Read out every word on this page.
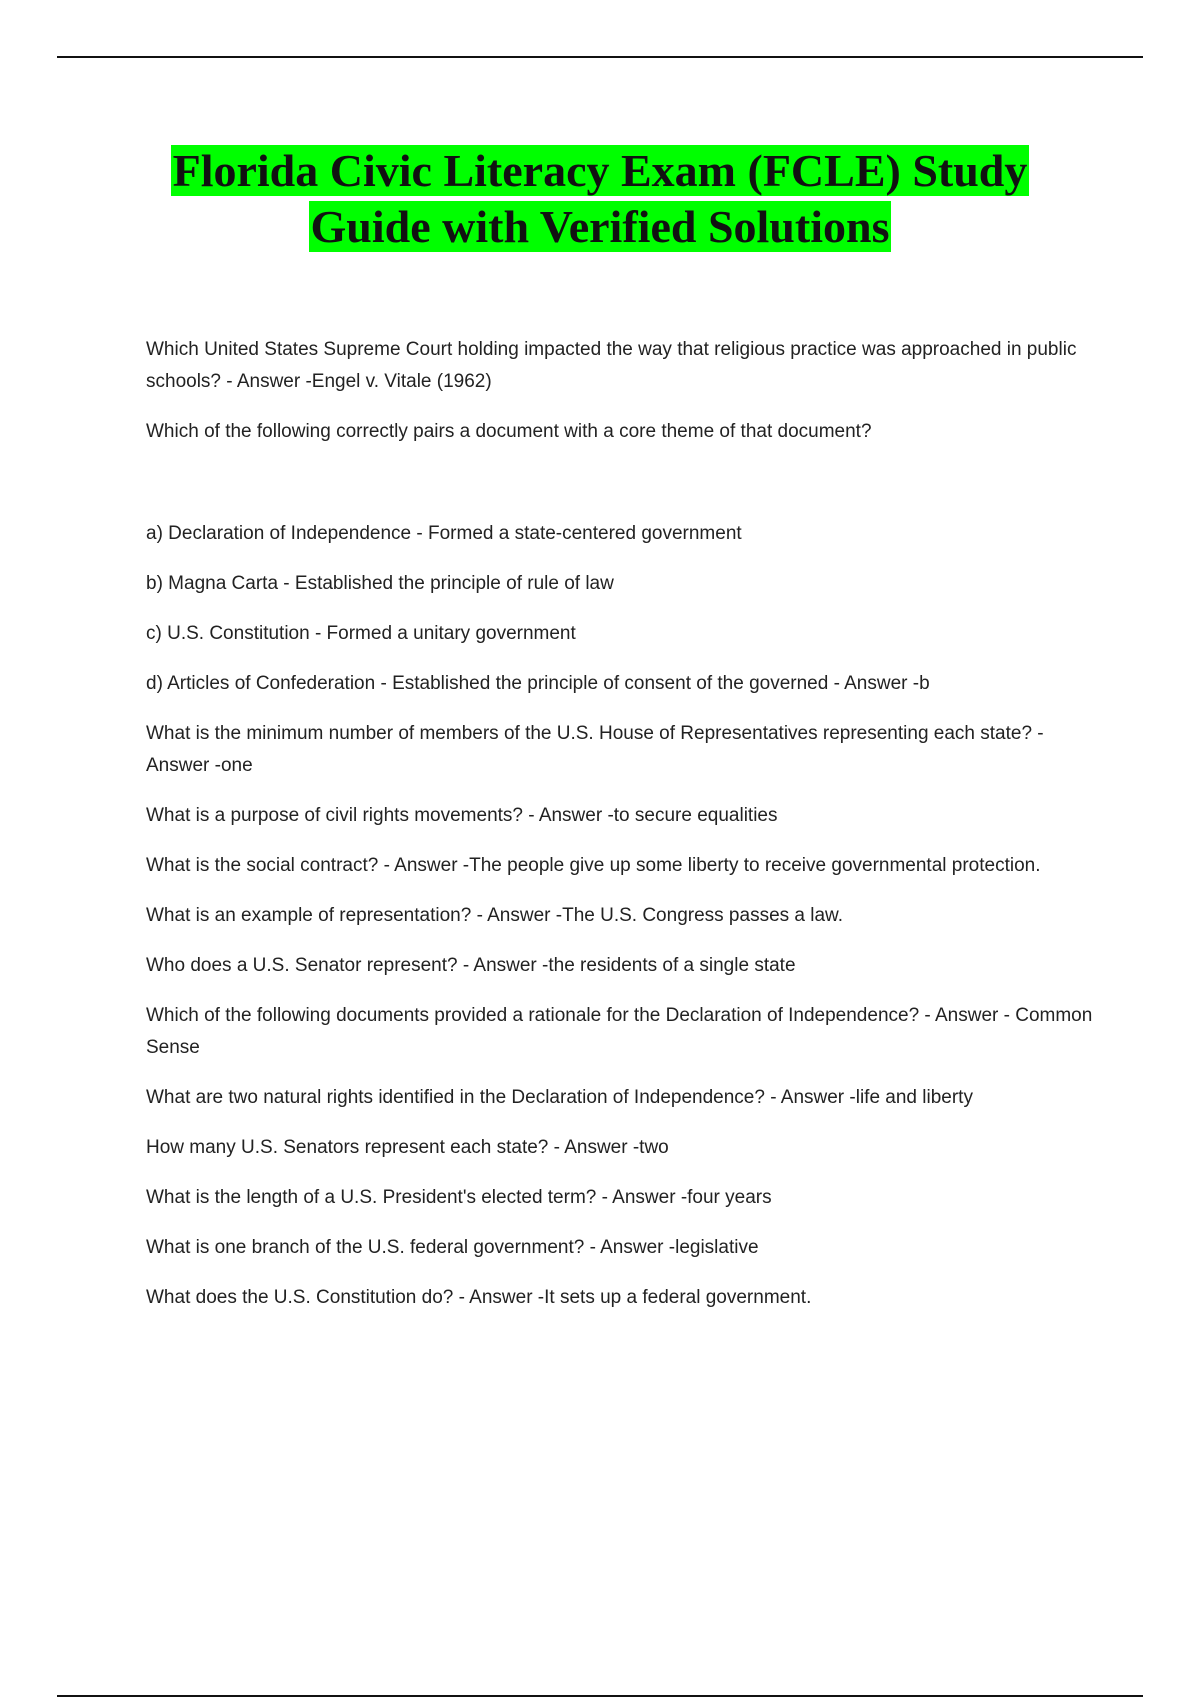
Florida Civic Literacy Exam (FCLE) Study
Guide with Verified Solutions

Which United States Supreme Court holding impacted the way that religious practice was approached in public schools? - Answer -Engel v. Vitale (1962)

Which of the following correctly pairs a document with a core theme of that document?

a) Declaration of Independence - Formed a state-centered government

b) Magna Carta - Established the principle of rule of law

c) U.S. Constitution - Formed a unitary government

d) Articles of Confederation - Established the principle of consent of the governed - Answer -b

What is the minimum number of members of the U.S. House of Representatives representing each state? - Answer -one

What is a purpose of civil rights movements? - Answer -to secure equalities

What is the social contract? - Answer -The people give up some liberty to receive governmental protection.

What is an example of representation? - Answer -The U.S. Congress passes a law.

Who does a U.S. Senator represent? - Answer -the residents of a single state

Which of the following documents provided a rationale for the Declaration of Independence? - Answer - Common Sense

What are two natural rights identified in the Declaration of Independence? - Answer -life and liberty

How many U.S. Senators represent each state? - Answer -two

What is the length of a U.S. President's elected term? - Answer -four years

What is one branch of the U.S. federal government? - Answer -legislative

What does the U.S. Constitution do? - Answer -It sets up a federal government.
